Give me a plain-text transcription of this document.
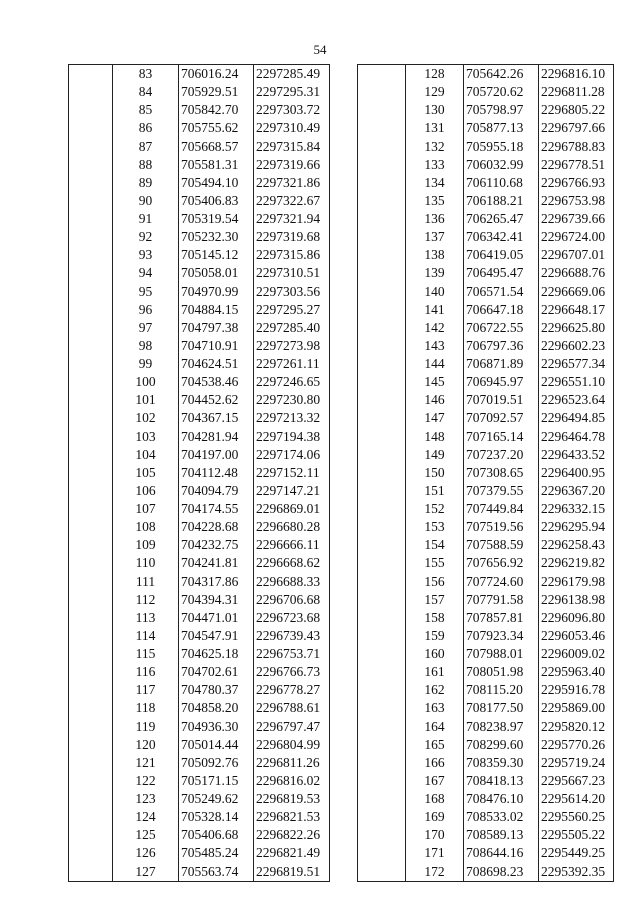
54
	83	706016.24	2297285.49
	84	705929.51	2297295.31
	85	705842.70	2297303.72
	86	705755.62	2297310.49
	87	705668.57	2297315.84
	88	705581.31	2297319.66
	89	705494.10	2297321.86
	90	705406.83	2297322.67
	91	705319.54	2297321.94
	92	705232.30	2297319.68
	93	705145.12	2297315.86
	94	705058.01	2297310.51
	95	704970.99	2297303.56
	96	704884.15	2297295.27
	97	704797.38	2297285.40
	98	704710.91	2297273.98
	99	704624.51	2297261.11
	100	704538.46	2297246.65
	101	704452.62	2297230.80
	102	704367.15	2297213.32
	103	704281.94	2297194.38
	104	704197.00	2297174.06
	105	704112.48	2297152.11
	106	704094.79	2297147.21
	107	704174.55	2296869.01
	108	704228.68	2296680.28
	109	704232.75	2296666.11
	110	704241.81	2296668.62
	111	704317.86	2296688.33
	112	704394.31	2296706.68
	113	704471.01	2296723.68
	114	704547.91	2296739.43
	115	704625.18	2296753.71
	116	704702.61	2296766.73
	117	704780.37	2296778.27
	118	704858.20	2296788.61
	119	704936.30	2296797.47
	120	705014.44	2296804.99
	121	705092.76	2296811.26
	122	705171.15	2296816.02
	123	705249.62	2296819.53
	124	705328.14	2296821.53
	125	705406.68	2296822.26
	126	705485.24	2296821.49
	127	705563.74	2296819.51
	128	705642.26	2296816.10
	129	705720.62	2296811.28
	130	705798.97	2296805.22
	131	705877.13	2296797.66
	132	705955.18	2296788.83
	133	706032.99	2296778.51
	134	706110.68	2296766.93
	135	706188.21	2296753.98
	136	706265.47	2296739.66
	137	706342.41	2296724.00
	138	706419.05	2296707.01
	139	706495.47	2296688.76
	140	706571.54	2296669.06
	141	706647.18	2296648.17
	142	706722.55	2296625.80
	143	706797.36	2296602.23
	144	706871.89	2296577.34
	145	706945.97	2296551.10
	146	707019.51	2296523.64
	147	707092.57	2296494.85
	148	707165.14	2296464.78
	149	707237.20	2296433.52
	150	707308.65	2296400.95
	151	707379.55	2296367.20
	152	707449.84	2296332.15
	153	707519.56	2296295.94
	154	707588.59	2296258.43
	155	707656.92	2296219.82
	156	707724.60	2296179.98
	157	707791.58	2296138.98
	158	707857.81	2296096.80
	159	707923.34	2296053.46
	160	707988.01	2296009.02
	161	708051.98	2295963.40
	162	708115.20	2295916.78
	163	708177.50	2295869.00
	164	708238.97	2295820.12
	165	708299.60	2295770.26
	166	708359.30	2295719.24
	167	708418.13	2295667.23
	168	708476.10	2295614.20
	169	708533.02	2295560.25
	170	708589.13	2295505.22
	171	708644.16	2295449.25
	172	708698.23	2295392.35
